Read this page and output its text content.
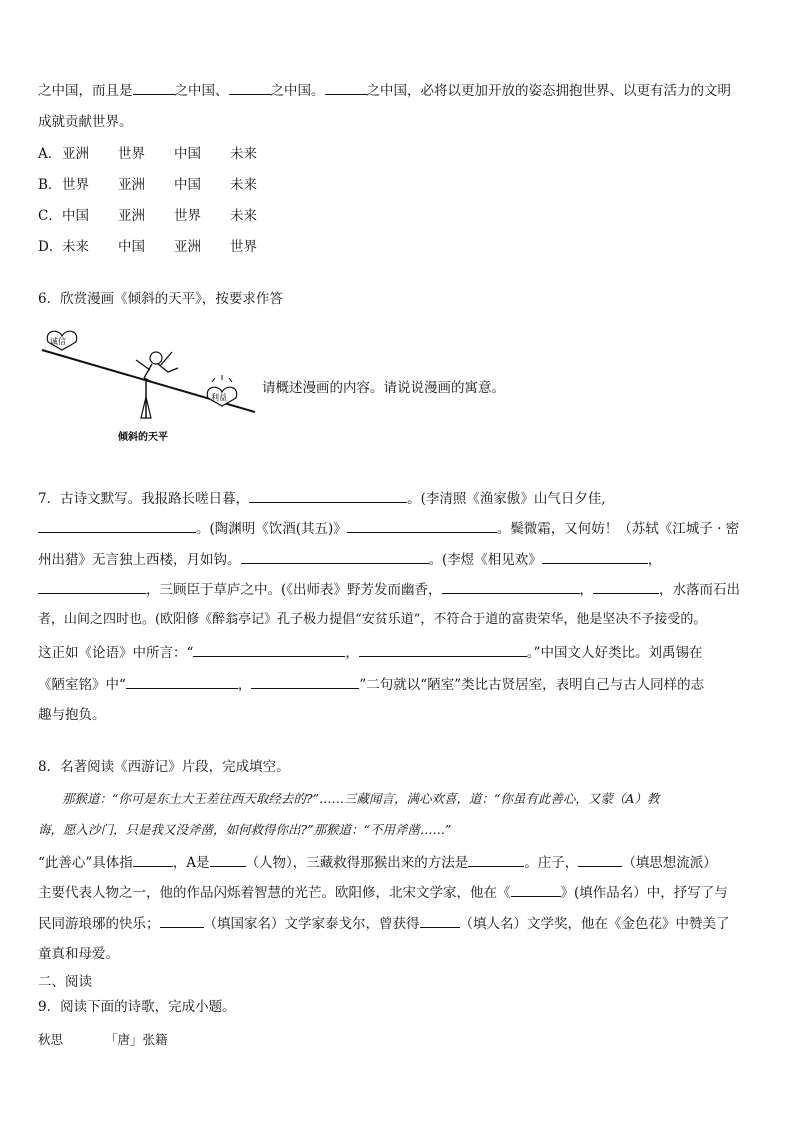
之中国，而且是	之中国、	之中国。	之中国，必将以更加开放的姿态拥抱世界、以更有活力的文明
成就贡献世界。
A．亚洲 世界 中国 未来
B．世界 亚洲 中国 未来
C．中国 亚洲 世界 未来
D．未来 中国 亚洲 世界
6．欣赏漫画《倾斜的天平》，按要求作答
诚信
利益
倾斜的天平
请概述漫画的内容。请说说漫画的寓意。
7．古诗文默写。我报路长嗟日暮，	。(李清照《渔家傲》山气日夕佳,
。(陶渊明《饮酒(其五)》	。鬓微霜，又何妨！（苏轼《江城子 · 密
州出猎》无言独上西楼，月如钩。	。(李煜《相见欢》	，
，三顾臣于草庐之中。(《出师表》野芳发而幽香，	，	，水落而石出
者，山间之四时也。(欧阳修《醉翁亭记》孔子极力提倡“安贫乐道”，不符合于道的富贵荣华，他是坚决不予接受的。
这正如《论语》中所言：“	，	。”中国文人好类比。刘禹锡在
《陋室铭》中“	，	”二句就以“陋室”类比古贤居室，表明自己与古人同样的志
趣与抱负。
8．名著阅读《西游记》片段，完成填空。
那猴道：“你可是东土大王差往西天取经去的?”……三藏闻言，满心欢喜，道：“你虽有此善心，又蒙（A）教
诲，愿入沙门，只是我又没斧凿，如何救得你出?”那猴道：“不用斧凿……”
“此善心”具体指	，A是	（人物），三藏救得那猴出来的方法是	。庄子，	（填思想流派）
主要代表人物之一，他的作品闪烁着智慧的光芒。欧阳修，北宋文学家，他在《	》(填作品名）中，抒写了与
民同游琅琊的快乐；	（填国家名）文学家泰戈尔，曾获得	（填人名）文学奖，他在《金色花》中赞美了
童真和母爱。
二、阅读
9．阅读下面的诗歌，完成小题。
秋思	「唐」张籍
